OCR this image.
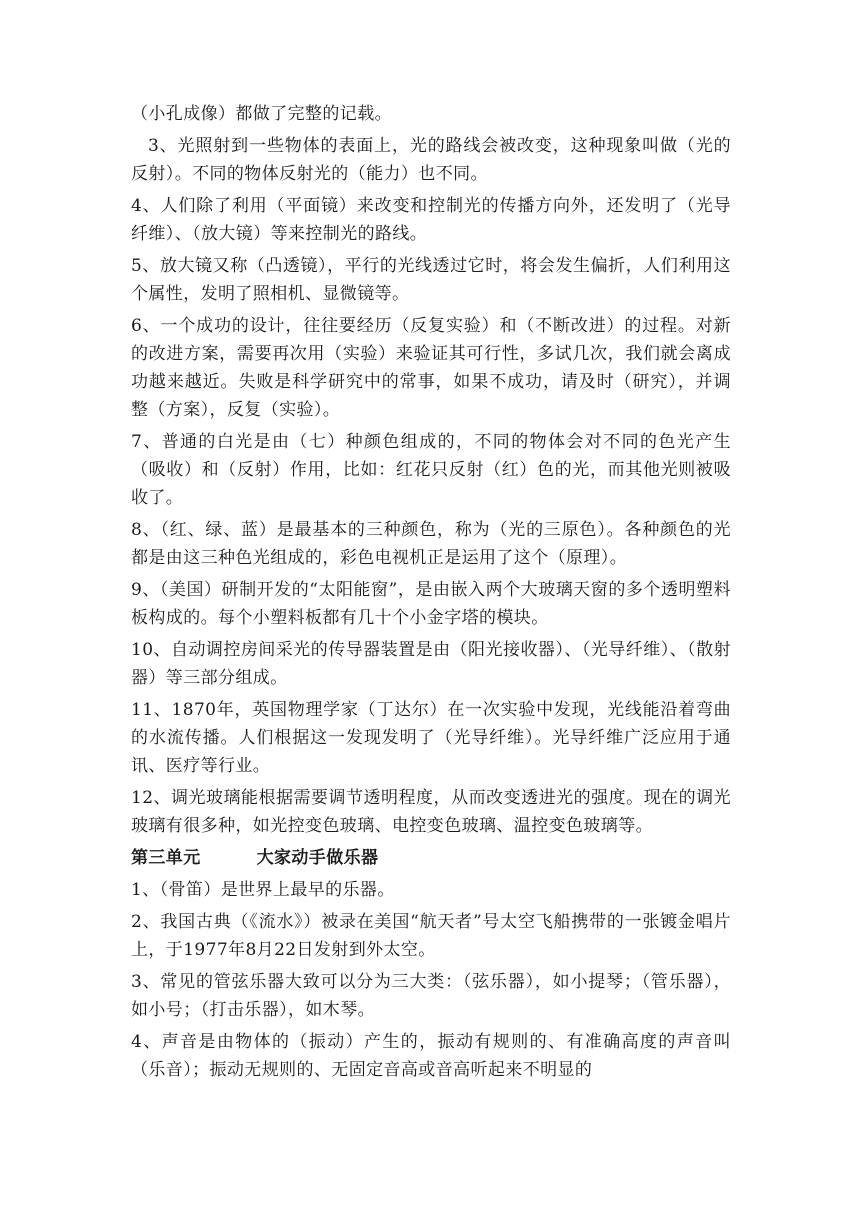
（小孔成像）都做了完整的记载。

3、光照射到一些物体的表面上，光的路线会被改变，这种现象叫做（光的反射）。不同的物体反射光的（能力）也不同。

4、人们除了利用（平面镜）来改变和控制光的传播方向外，还发明了（光导纤维）、（放大镜）等来控制光的路线。

5、放大镜又称（凸透镜），平行的光线透过它时，将会发生偏折，人们利用这个属性，发明了照相机、显微镜等。

6、一个成功的设计，往往要经历（反复实验）和（不断改进）的过程。对新的改进方案，需要再次用（实验）来验证其可行性，多试几次，我们就会离成功越来越近。失败是科学研究中的常事，如果不成功，请及时（研究），并调整（方案），反复（实验）。

7、普通的白光是由（七）种颜色组成的，不同的物体会对不同的色光产生（吸收）和（反射）作用，比如：红花只反射（红）色的光，而其他光则被吸收了。

8、（红、绿、蓝）是最基本的三种颜色，称为（光的三原色）。各种颜色的光都是由这三种色光组成的，彩色电视机正是运用了这个（原理）。

9、（美国）研制开发的“太阳能窗”，是由嵌入两个大玻璃天窗的多个透明塑料板构成的。每个小塑料板都有几十个小金字塔的模块。

10、自动调控房间采光的传导器装置是由（阳光接收器）、（光导纤维）、（散射器）等三部分组成。

11、1870年，英国物理学家（丁达尔）在一次实验中发现，光线能沿着弯曲的水流传播。人们根据这一发现发明了（光导纤维）。光导纤维广泛应用于通讯、医疗等行业。

12、调光玻璃能根据需要调节透明程度，从而改变透进光的强度。现在的调光玻璃有很多种，如光控变色玻璃、电控变色玻璃、温控变色玻璃等。

第三单元	大家动手做乐器

1、（骨笛）是世界上最早的乐器。

2、我国古典（《流水》）被录在美国“航天者”号太空飞船携带的一张镀金唱片上，于1977年8月22日发射到外太空。

3、常见的管弦乐器大致可以分为三大类：（弦乐器），如小提琴；（管乐器），如小号；（打击乐器），如木琴。

4、声音是由物体的（振动）产生的，振动有规则的、有准确高度的声音叫（乐音）；振动无规则的、无固定音高或音高听起来不明显的
